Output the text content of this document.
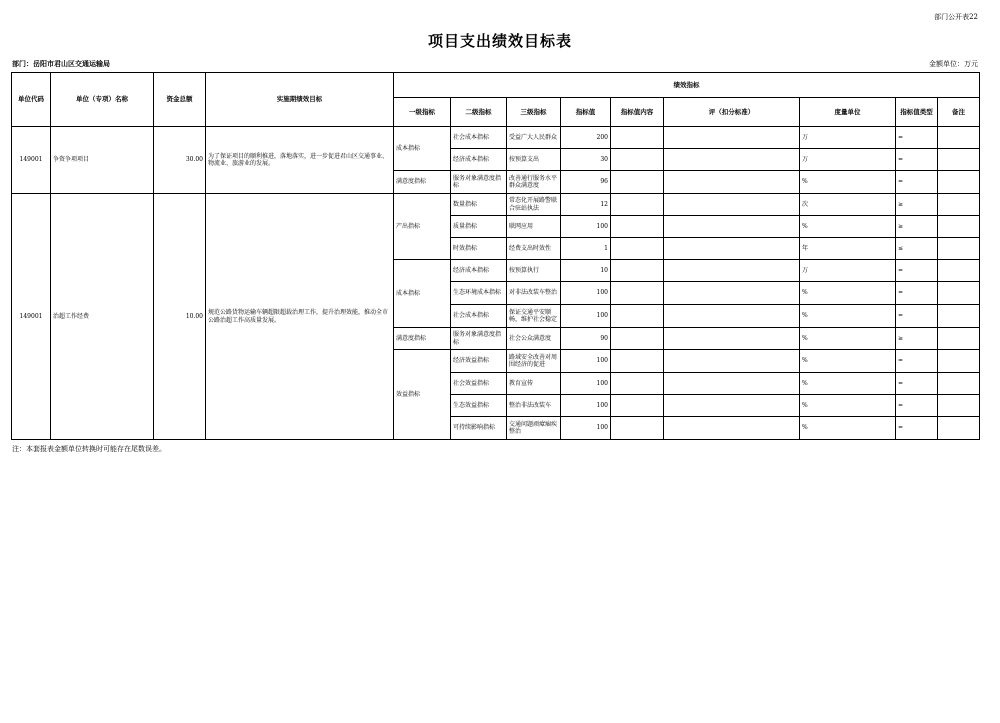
部门公开表22
项目支出绩效目标表
部门：岳阳市君山区交通运输局	金额单位：万元
单位代码	单位（专项）名称	资金总额	实施期绩效目标	绩效指标								
				一级指标	二级指标	三级指标	指标值	指标值内容	评（扣分标准）	度量单位	指标值类型	备注
149001	争资争项项目	30.00	为了保证项目的顺利推进，落地落实，进一步促进君山区交通事业、物流业、旅游业的发展。	成本指标	社会成本指标	受益广大人民群众	200			万	=	
					经济成本指标	按预算支出	30			万	=	
				满意度指标	服务对象满意度指标	改善通行服务水平群众满意度	96			%	=	
149001	治超工作经费	10.00	规范公路货物运输车辆超限超载治理工作，提升治理效能，推动全市公路治超工作高质量发展。	产出指标	数量指标	常态化开展路警联合驻站执法	12			次	≥	
					质量指标	联网应用	100			%	≥	
					时效指标	经费支出时效性	1			年	≤	
				成本指标	经济成本指标	按预算执行	10			万	=	
					生态环境成本指标	对非法改装车整治	100			%	=	
					社会成本指标	保证交通平安顺畅，维护社会稳定	100			%	=	
				满意度指标	服务对象满意度指标	社会公众满意度	90			%	≥	
				效益指标	经济效益指标	路域安全改善对周围经济的促进	100			%	=	
					社会效益指标	教育宣传	100			%	=	
					生态效益指标	整治非法改装车	100			%	=	
					可持续影响指标	交通问题顽瘴痼疾整治	100			%	=	
注：本套报表金额单位转换时可能存在尾数误差。
